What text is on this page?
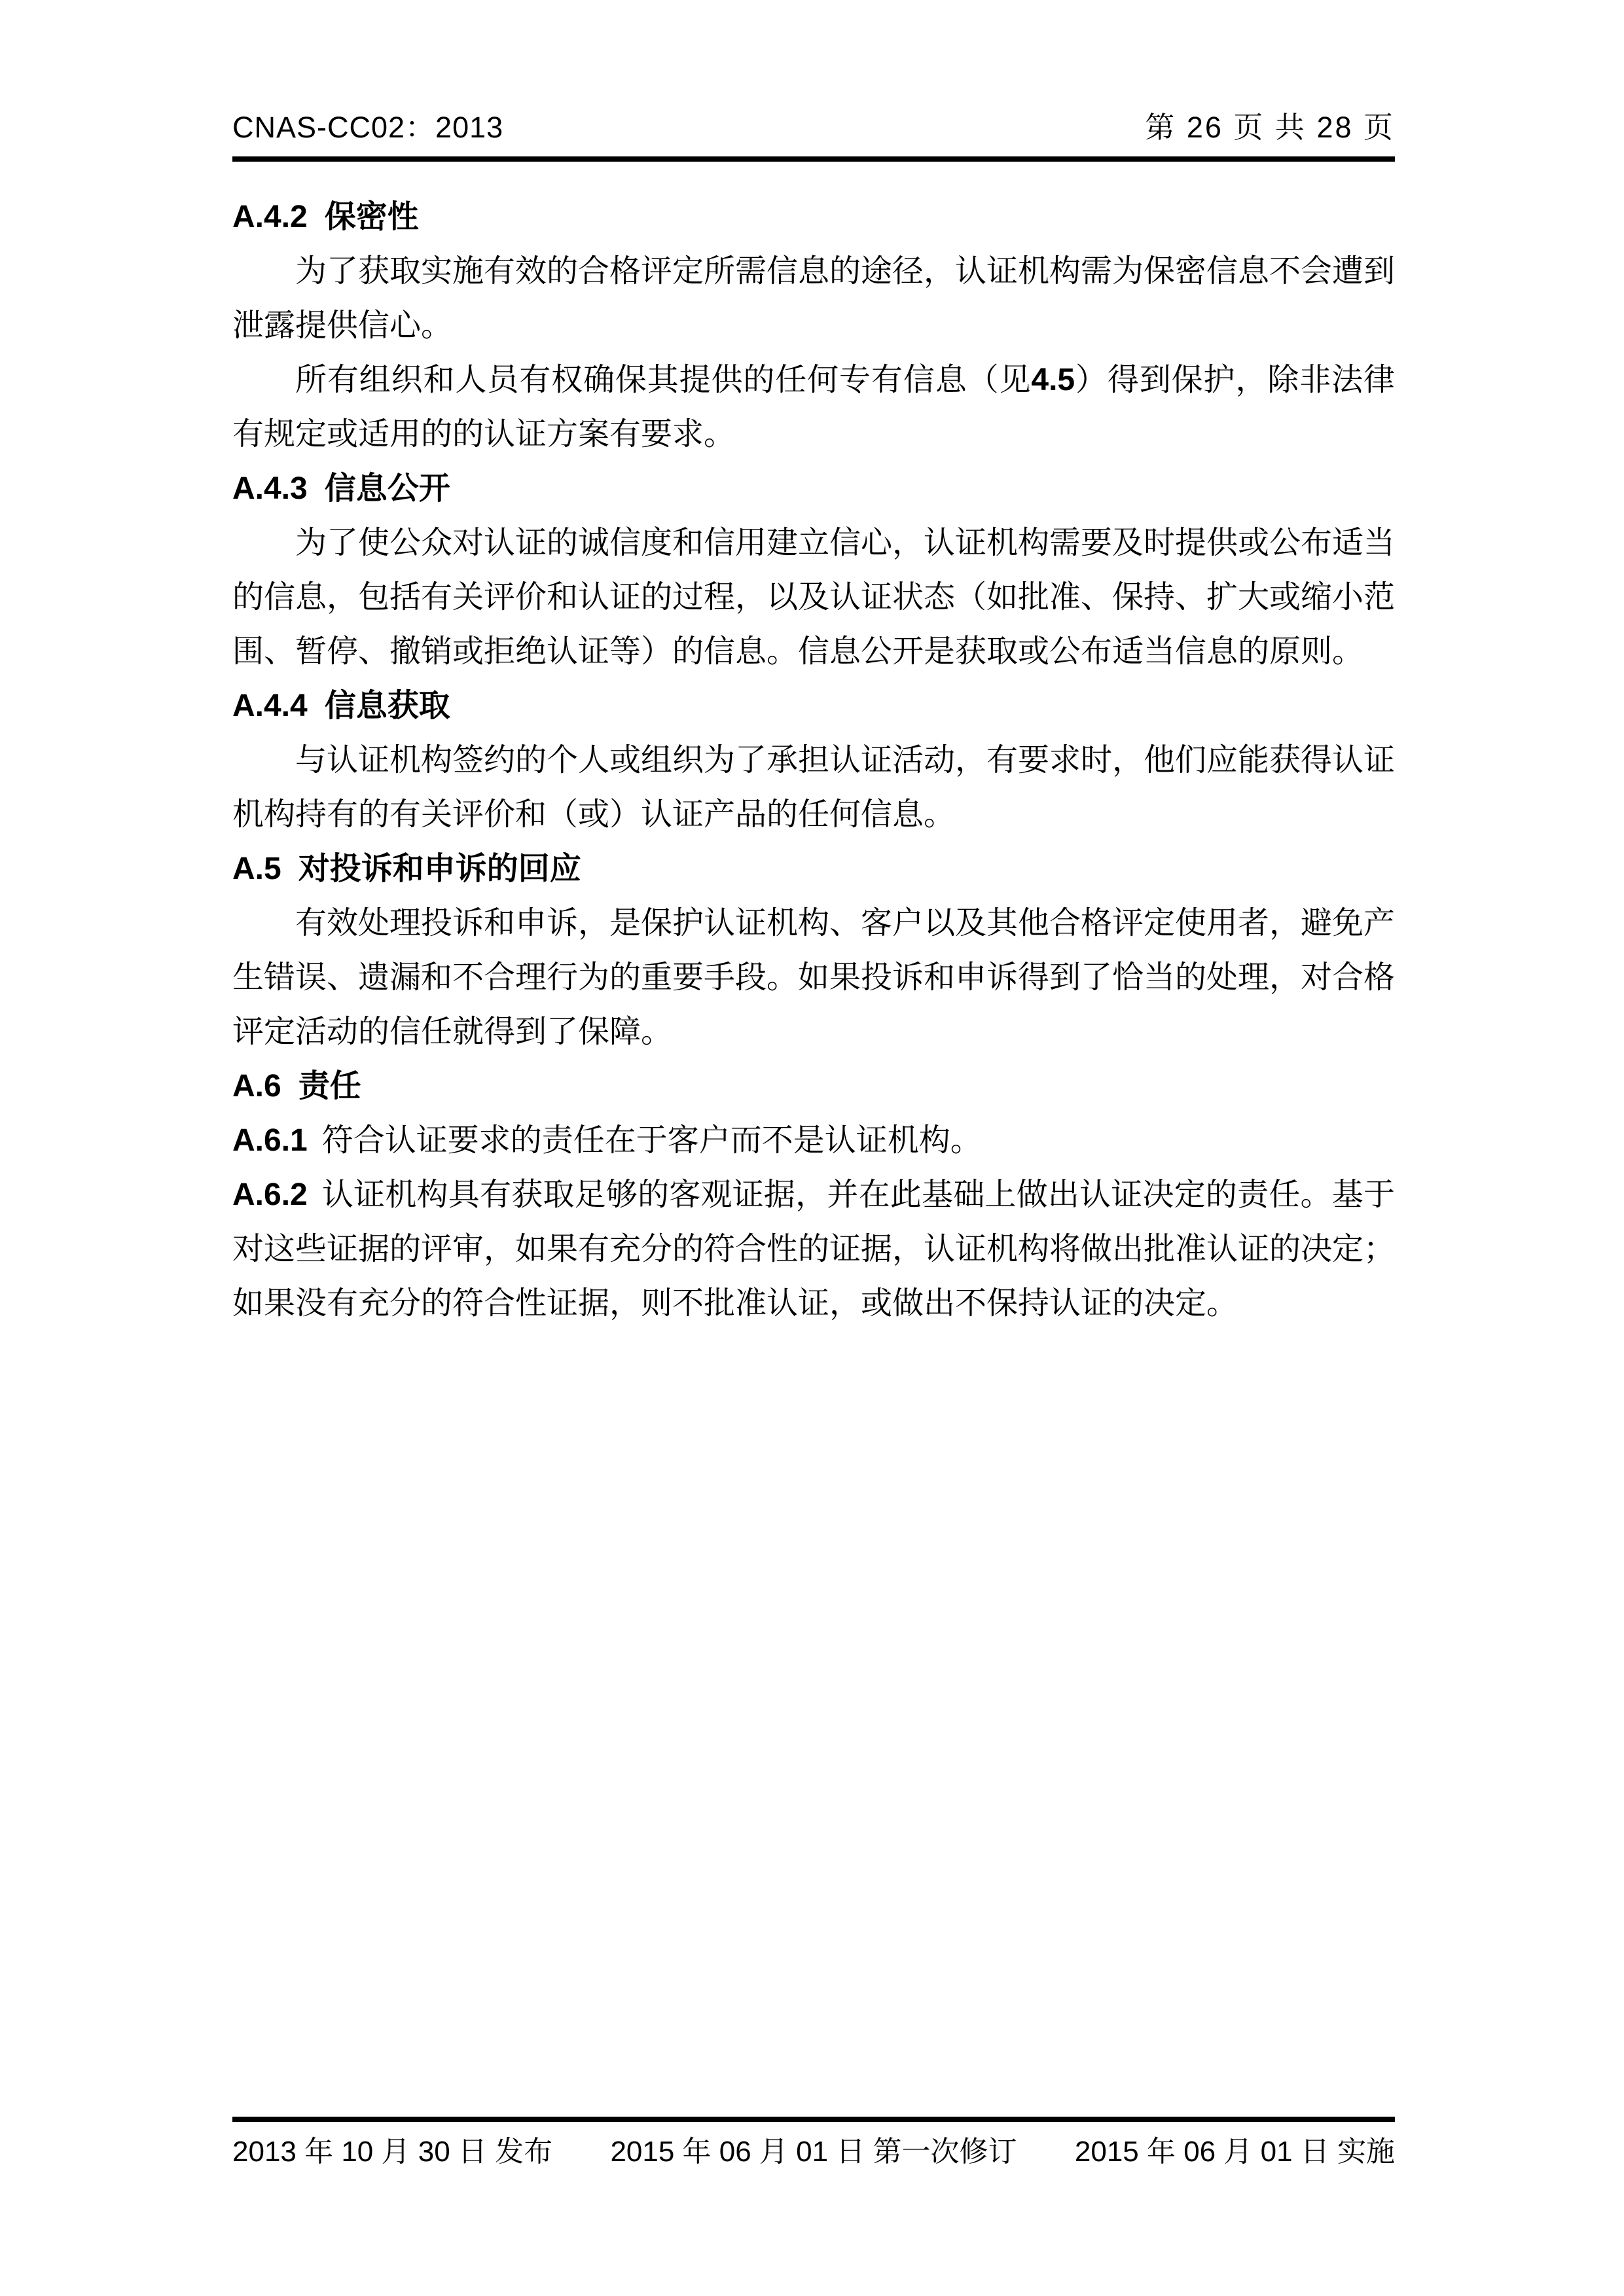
CNAS-CC02：2013	第 26 页 共 28 页
A.4.2 保密性

为了获取实施有效的合格评定所需信息的途径，认证机构需为保密信息不会遭到泄露提供信心。

所有组织和人员有权确保其提供的任何专有信息（见4.5）得到保护，除非法律有规定或适用的的认证方案有要求。

A.4.3 信息公开

为了使公众对认证的诚信度和信用建立信心，认证机构需要及时提供或公布适当的信息，包括有关评价和认证的过程，以及认证状态（如批准、保持、扩大或缩小范围、暂停、撤销或拒绝认证等）的信息。信息公开是获取或公布适当信息的原则。

A.4.4 信息获取

与认证机构签约的个人或组织为了承担认证活动，有要求时，他们应能获得认证机构持有的有关评价和（或）认证产品的任何信息。

A.5 对投诉和申诉的回应

有效处理投诉和申诉，是保护认证机构、客户以及其他合格评定使用者，避免产生错误、遗漏和不合理行为的重要手段。如果投诉和申诉得到了恰当的处理，对合格评定活动的信任就得到了保障。

A.6 责任

A.6.1 符合认证要求的责任在于客户而不是认证机构。

A.6.2 认证机构具有获取足够的客观证据，并在此基础上做出认证决定的责任。基于对这些证据的评审，如果有充分的符合性的证据，认证机构将做出批准认证的决定；如果没有充分的符合性证据，则不批准认证，或做出不保持认证的决定。

2013 年 10 月 30 日 发布 2015 年 06 月 01 日 第一次修订 2015 年 06 月 01 日 实施
